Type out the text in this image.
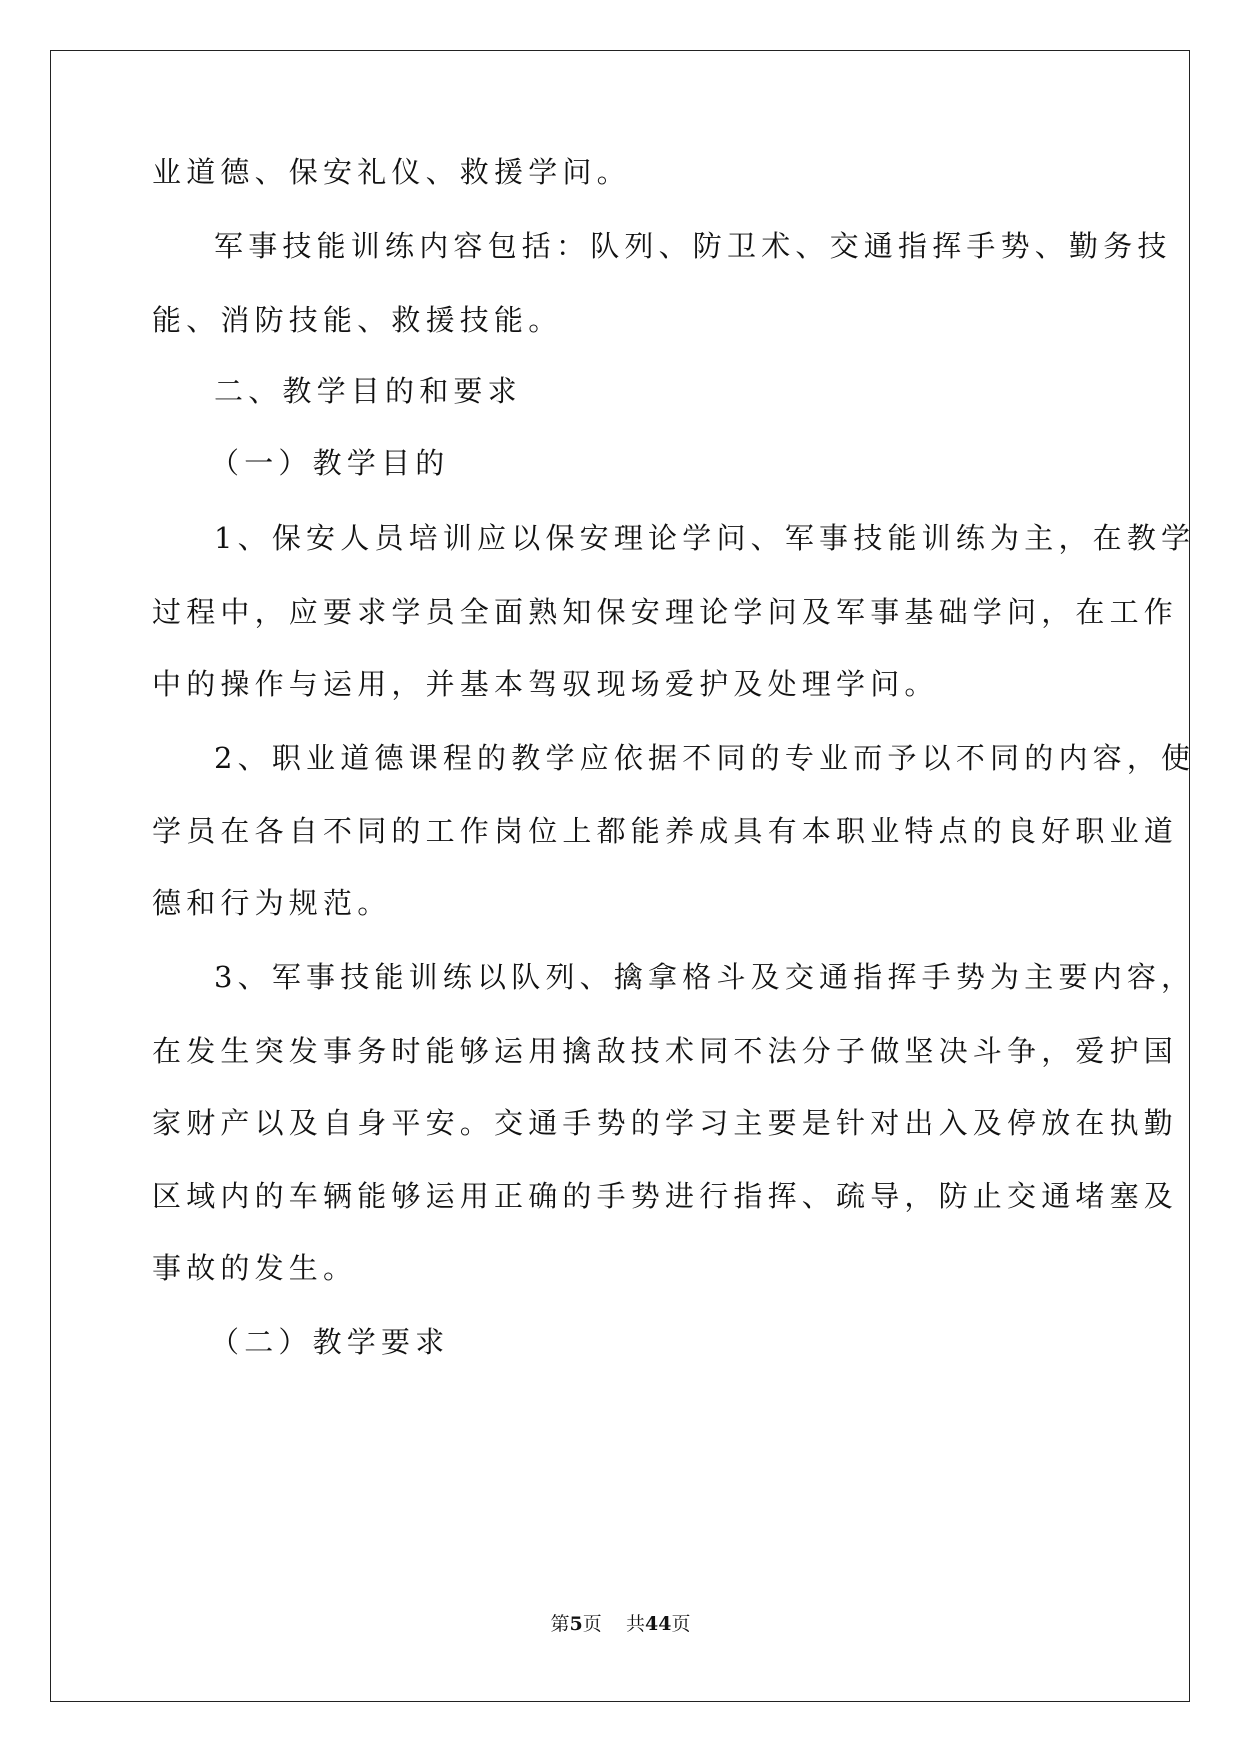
业道德、保安礼仪、救援学问。
军事技能训练内容包括：队列、防卫术、交通指挥手势、勤务技
能、消防技能、救援技能。
二、教学目的和要求
（一）教学目的
1、保安人员培训应以保安理论学问、军事技能训练为主，在教学
过程中，应要求学员全面熟知保安理论学问及军事基础学问，在工作
中的操作与运用，并基本驾驭现场爱护及处理学问。
2、职业道德课程的教学应依据不同的专业而予以不同的内容，使
学员在各自不同的工作岗位上都能养成具有本职业特点的良好职业道
德和行为规范。
3、军事技能训练以队列、擒拿格斗及交通指挥手势为主要内容，
在发生突发事务时能够运用擒敌技术同不法分子做坚决斗争，爱护国
家财产以及自身平安。交通手势的学习主要是针对出入及停放在执勤
区域内的车辆能够运用正确的手势进行指挥、疏导，防止交通堵塞及
事故的发生。
（二）教学要求
第5页 共44页
